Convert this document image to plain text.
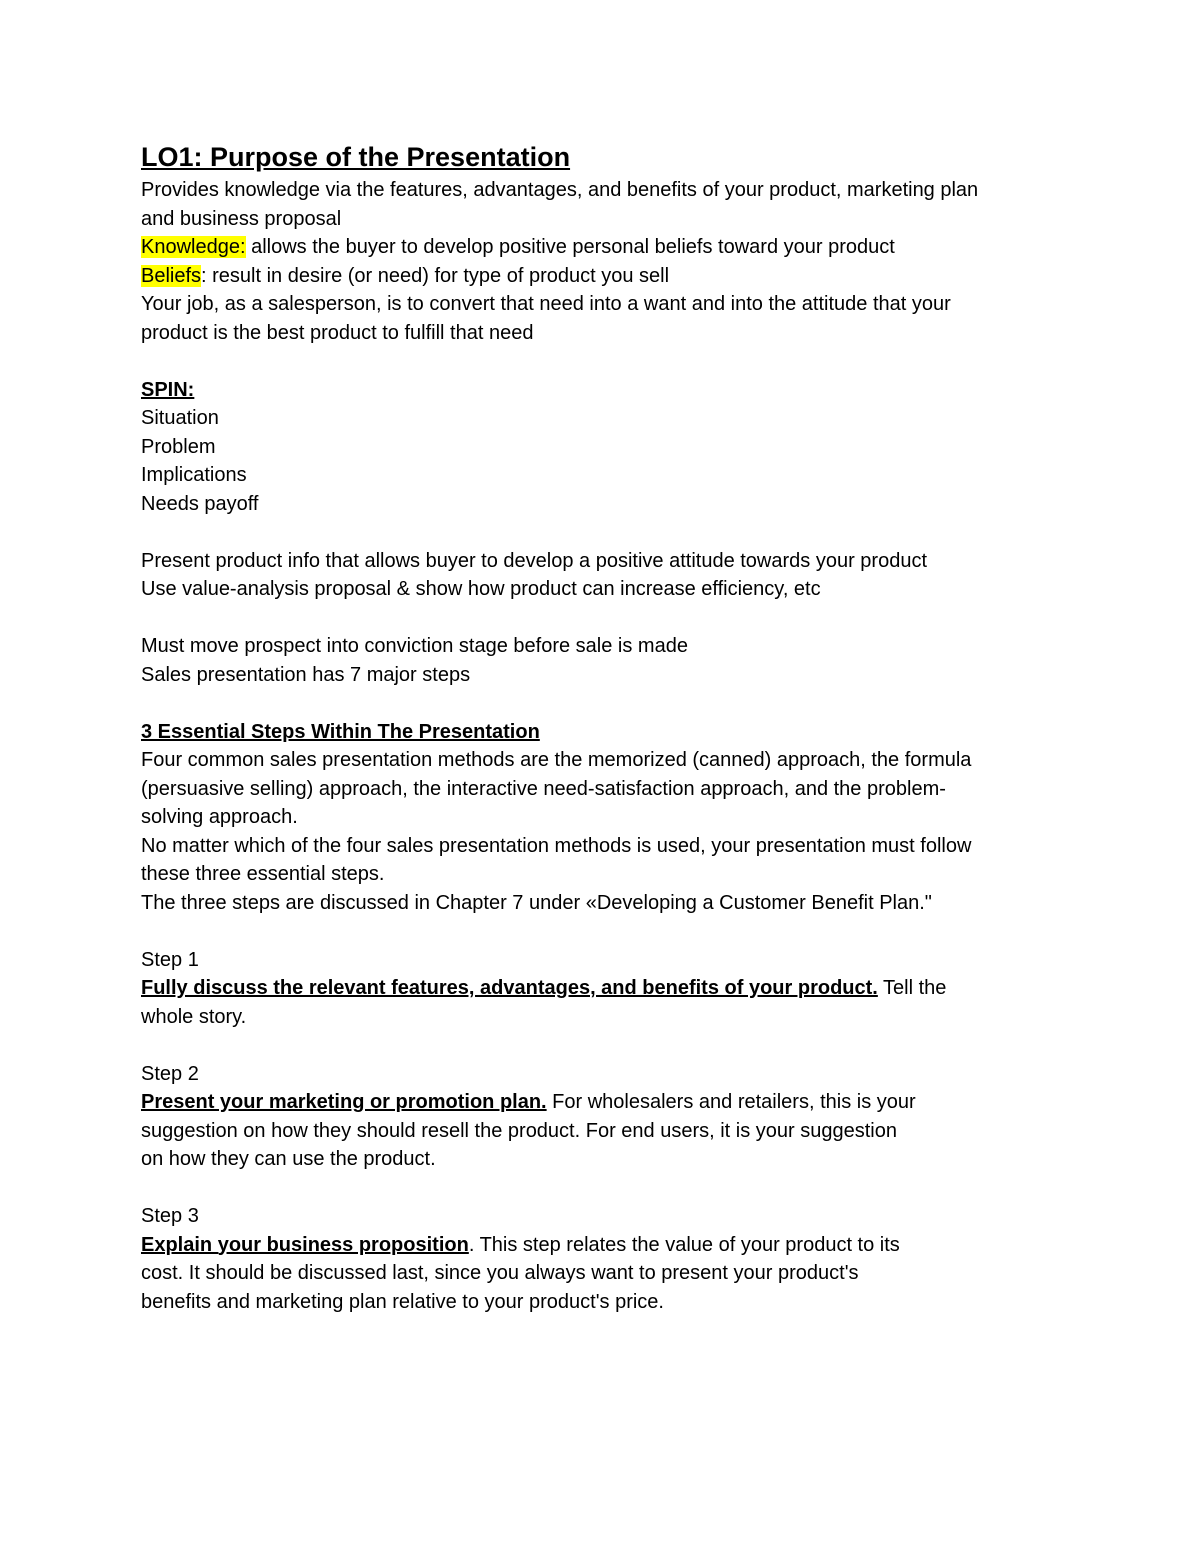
LO1: Purpose of the Presentation
Provides knowledge via the features, advantages, and benefits of your product, marketing plan
and business proposal
Knowledge: allows the buyer to develop positive personal beliefs toward your product
Beliefs: result in desire (or need) for type of product you sell
Your job, as a salesperson, is to convert that need into a want and into the attitude that your
product is the best product to fulfill that need
SPIN:
Situation
Problem
Implications
Needs payoff
Present product info that allows buyer to develop a positive attitude towards your product
Use value-analysis proposal & show how product can increase efficiency, etc
Must move prospect into conviction stage before sale is made
Sales presentation has 7 major steps
3 Essential Steps Within The Presentation
Four common sales presentation methods are the memorized (canned) approach, the formula
(persuasive selling) approach, the interactive need-satisfaction approach, and the problem-
solving approach.
No matter which of the four sales presentation methods is used, your presentation must follow
these three essential steps.
The three steps are discussed in Chapter 7 under «Developing a Customer Benefit Plan."
Step 1
Fully discuss the relevant features, advantages, and benefits of your product. Tell the
whole story.
Step 2
Present your marketing or promotion plan. For wholesalers and retailers, this is your
suggestion on how they should resell the product. For end users, it is your suggestion
on how they can use the product.
Step 3
Explain your business proposition. This step relates the value of your product to its
cost. It should be discussed last, since you always want to present your product's
benefits and marketing plan relative to your product's price.
